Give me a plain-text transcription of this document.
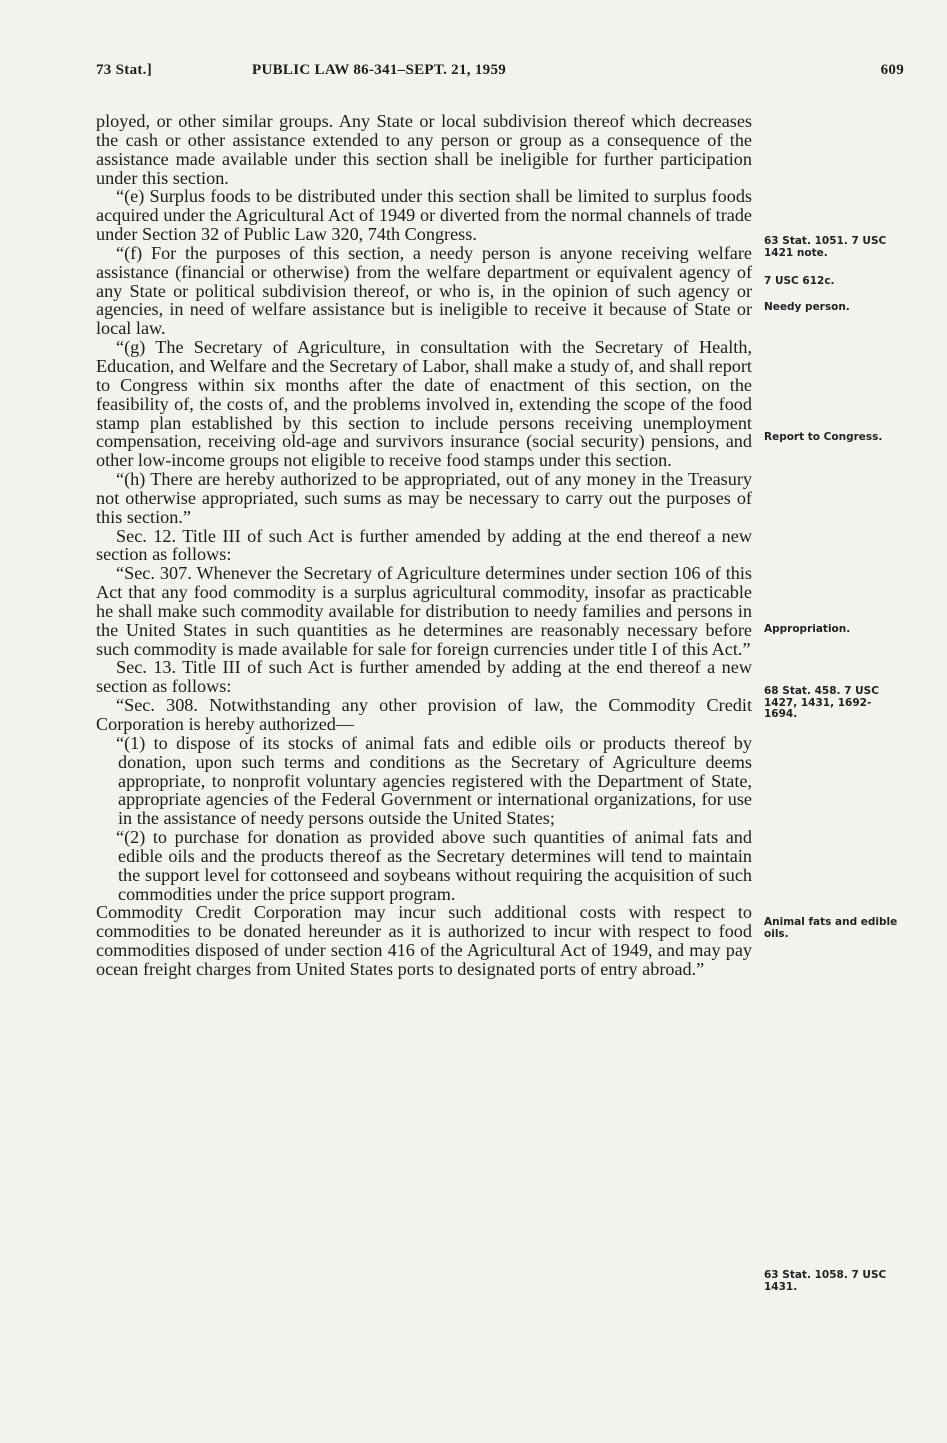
73 Stat.]	PUBLIC LAW 86-341–SEPT. 21, 1959	609

ployed, or other similar groups. Any State or local subdivision thereof which decreases the cash or other assistance extended to any person or group as a consequence of the assistance made available under this section shall be ineligible for further participation under this section.

“(e) Surplus foods to be distributed under this section shall be limited to surplus foods acquired under the Agricultural Act of 1949 or diverted from the normal channels of trade under Section 32 of Public Law 320, 74th Congress.

“(f) For the purposes of this section, a needy person is anyone receiving welfare assistance (financial or otherwise) from the welfare department or equivalent agency of any State or political subdivision thereof, or who is, in the opinion of such agency or agencies, in need of welfare assistance but is ineligible to receive it because of State or local law.

“(g) The Secretary of Agriculture, in consultation with the Secretary of Health, Education, and Welfare and the Secretary of Labor, shall make a study of, and shall report to Congress within six months after the date of enactment of this section, on the feasibility of, the costs of, and the problems involved in, extending the scope of the food stamp plan established by this section to include persons receiving unemployment compensation, receiving old-age and survivors insurance (social security) pensions, and other low-income groups not eligible to receive food stamps under this section.

“(h) There are hereby authorized to be appropriated, out of any money in the Treasury not otherwise appropriated, such sums as may be necessary to carry out the purposes of this section.”

Sec. 12. Title III of such Act is further amended by adding at the end thereof a new section as follows:

“Sec. 307. Whenever the Secretary of Agriculture determines under section 106 of this Act that any food commodity is a surplus agricultural commodity, insofar as practicable he shall make such commodity available for distribution to needy families and persons in the United States in such quantities as he determines are reasonably necessary before such commodity is made available for sale for foreign currencies under title I of this Act.”

Sec. 13. Title III of such Act is further amended by adding at the end thereof a new section as follows:

“Sec. 308. Notwithstanding any other provision of law, the Commodity Credit Corporation is hereby authorized—

“(1) to dispose of its stocks of animal fats and edible oils or products thereof by donation, upon such terms and conditions as the Secretary of Agriculture deems appropriate, to nonprofit voluntary agencies registered with the Department of State, appropriate agencies of the Federal Government or international organizations, for use in the assistance of needy persons outside the United States;

“(2) to purchase for donation as provided above such quantities of animal fats and edible oils and the products thereof as the Secretary determines will tend to maintain the support level for cottonseed and soybeans without requiring the acquisition of such commodities under the price support program.

Commodity Credit Corporation may incur such additional costs with respect to commodities to be donated hereunder as it is authorized to incur with respect to food commodities disposed of under section 416 of the Agricultural Act of 1949, and may pay ocean freight charges from United States ports to designated ports of entry abroad.”

63 Stat. 1051. 7 USC 1421 note.
7 USC 612c.
Needy person.
Report to Congress.
Appropriation.
68 Stat. 458. 7 USC 1427, 1431, 1692-1694.
Animal fats and edible oils.
63 Stat. 1058. 7 USC 1431.
